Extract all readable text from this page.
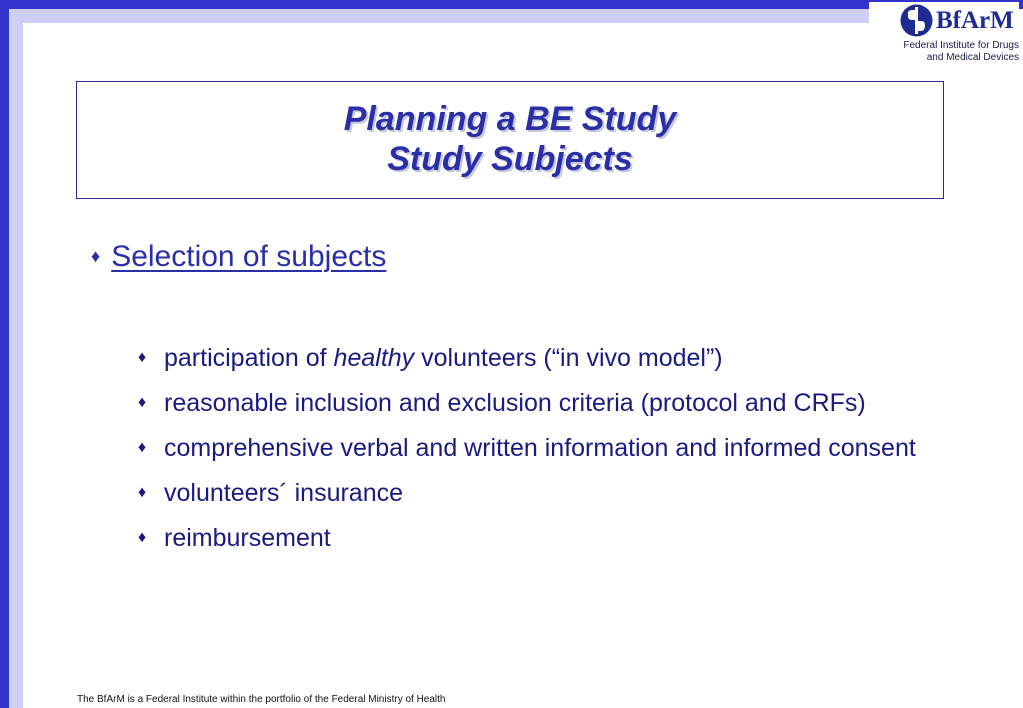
BfArM
Federal Institute for Drugs
and Medical Devices
Planning a BE Study
Study Subjects
♦ Selection of subjects
♦ participation of healthy volunteers (“in vivo model”)
♦ reasonable inclusion and exclusion criteria (protocol and CRFs)
♦ comprehensive verbal and written information and informed consent
♦ volunteers´ insurance
♦ reimbursement
The BfArM is a Federal Institute within the portfolio of the Federal Ministry of Health
